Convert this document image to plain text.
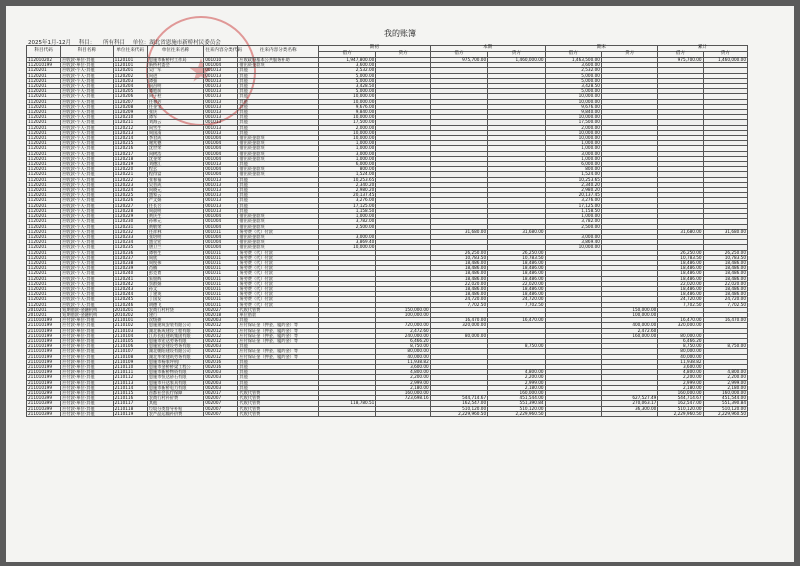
我的账簿
2025年1月-12月 科目： 所有科目 单位：湖北省恩施市新桥村民委员会
科目代码	科目名称	单位往来代码	单位往来名称	往来内容分类代码	往来内容分类名称	期初		本期		期末		累计	
						借方	贷方	借方	贷方	借方	贷方	借方	贷方
112010202	应收款-单位-其他	1120101	恩施市新桥村工作局	001010	应收政府基本公共服务补助	1,947,800.00		975,700.00	1,460,000.00	1,463,500.00		975,700.00	1,460,000.00
112010199	应收款-单位-其他	1120101	新桥村委会	001004	借出资金款项	3,600.00				3,600.00			
1120201	应收款-个人-其他	1120201	吴广军	001013	其他	2,532.00				2,532.00			
1120201	应收款-个人-其他	1120202	向进	001013	其他	5,000.00				5,000.00			
1120201	应收款-个人-其他	1120203	谭强	001013	其他	5,000.00				5,000.00			
1120201	应收款-个人-其他	1120204	向昌明	001013	其他	3,428.50				3,428.50			
1120201	应收款-个人-其他	1120205	谭庭前	001013	其他	5,000.00				5,000.00			
1120201	应收款-个人-其他	1120206	向子柱	001013	其他	10,000.00				10,000.00			
1120201	应收款-个人-其他	1120207	任春芳	001013	其他	10,000.00				10,000.00			
1120201	应收款-个人-其他	1120208	任金宝	001013	其他	9,676.00				9,676.00			
1120201	应收款-个人-其他	1120209	张庆	001013	其他	9,840.00				9,840.00			
1120201	应收款-个人-其他	1120210	谭军	001013	其他	10,000.00				10,000.00			
1120201	应收款-个人-其他	1120211	刘海云	001013	其他	17,500.00				17,500.00			
1120201	应收款-个人-其他	1120212	向雪生	001013	其他	2,000.00				2,000.00			
1120201	应收款-个人-其他	1120213	周国清	001013	其他	10,000.00				10,000.00			
1120201	应收款-个人-其他	1120214	李君成	001004	借出资金款项	10,000.00				10,000.00			
1120201	应收款-个人-其他	1120215	谢兆德	001004	借出资金款项	1,000.00				1,000.00			
1120201	应收款-个人-其他	1120216	沈世荣	001004	借出资金款项	1,000.00				1,000.00			
1120201	应收款-个人-其他	1120217	向树浩	001004	借出资金款项	3,000.00				3,000.00			
1120201	应收款-个人-其他	1120218	沈金荣	001004	借出资金款项	1,000.00				1,000.00			
1120201	应收款-个人-其他	1120219	刘德江	001013	其他	6,000.00				6,000.00			
1120201	应收款-个人-其他	1120220	程玄	001004	借出资金款项	800.00				800.00			
1120201	应收款-个人-其他	1120221	程得富	001004	借出资金款项	1,524.00				1,524.00			
1120201	应收款-个人-其他	1120222	张春福	001013	其他	10,253.65				10,253.65			
1120201	应收款-个人-其他	1120223	吴晋成	001013	其他	2,340.20				2,340.20			
1120201	应收款-个人-其他	1120224	向晓元	001013	其他	2,980.20				2,980.20			
1120201	应收款-个人-其他	1120225	盛家云	001013	其他	20,137.45				20,137.45			
1120201	应收款-个人-其他	1120226	严文娟	001013	其他	3,276.00				3,276.00			
1120201	应收款-个人-其他	1120227	任长合	001013	其他	17,125.00				17,125.00			
1120201	应收款-个人-其他	1120228	周晨明	001013	其他	1,158.50				1,158.50			
1120201	应收款-个人-其他	1120229	黄庆生	001004	借出资金款项	1,000.00				1,000.00			
1120201	应收款-个人-其他	1120230	孙林元	001004	借出资金款项	3,782.00				3,782.00			
1120201	应收款-个人-其他	1120231	黄敬荣	001004	借出资金款项	2,500.00				2,500.00			
1120201	应收款-个人-其他	1120232	任祥林	001011	务劳费（代）付款			31,680.00	31,680.00			31,680.00	31,680.00
1120201	应收款-个人-其他	1120233	张培明	001004	借出资金款项	3,000.00				3,000.00			
1120201	应收款-个人-其他	1120234	盛全宏	001004	借出资金款项	3,869.40				3,869.40			
1120201	应收款-个人-其他	1120235	唐卫兰	001004	借出资金款项	10,000.00				10,000.00			
1120201	应收款-个人-其他	1120236	谭智生	001011	务劳费（代）付款			26,250.00	26,250.00			26,250.00	26,250.00
1120201	应收款-个人-其他	1120237	周欣	001011	务劳费（代）付款			10,783.50	10,783.50			10,783.50	10,783.50
1120201	应收款-个人-其他	1120238	周锐伟	001011	务劳费（代）付款			18,486.00	18,486.00			18,486.00	18,486.00
1120201	应收款-个人-其他	1120239	肖楠	001011	务劳费（代）付款			18,486.00	18,486.00			18,486.00	18,486.00
1120201	应收款-个人-其他	1120240	彭克育	001011	务劳费（代）付款			18,486.00	18,486.00			18,486.00	18,486.00
1120201	应收款-个人-其他	1120241	朱银辉	001011	务劳费（代）付款			18,486.00	18,486.00			18,486.00	18,486.00
1120201	应收款-个人-其他	1120242	蔡群娟	001011	务劳费（代）付款			22,020.00	22,020.00			22,020.00	22,020.00
1120201	应收款-个人-其他	1120243	孙文	001011	务劳费（代）付款			18,486.00	18,486.00			18,486.00	18,486.00
1120201	应收款-个人-其他	1120244	丁建英	001011	务劳费（代）付款			18,486.00	18,486.00			18,486.00	18,486.00
1120201	应收款-个人-其他	1120245	丁国友	001011	务劳费（代）付款			24,720.00	24,720.00			24,720.00	24,720.00
1120201	应收款-个人-其他	1120246	胡德飞	001011	务劳费（代）付款			7,702.50	7,702.50			7,702.50	7,702.50
2010201	短期借款-金融机构	2010201	农商行村村贷	002027	代收代管费		150,000.00				150,000.00		
2010201	短期借款-金融机构	2010202	建行	002018	单位借款		100,000.00				100,000.00		
211010199	应付款-单位-其他	2110101	次级债	002003	其他			16,470.00	16,470.00			16,470.00	16,470.00
211010199	应付款-单位-其他	2110102	恩施建筑安装有限公司	002012	应付保证金（押金、履约金）等		720,000.00	320,000.00			400,000.00	320,000.00	
211010199	应付款-单位-其他	2110103	湖北新成建设工程有限	002012	应付保证金（押金、履约金）等		2,472.60				2,472.60		
211010199	应付款-单位-其他	2110104	江苏长虹建筑集团有限	002012	应付保证金（押金、履约金）等		240,000.00	80,000.00			160,000.00	80,000.00	
211010199	应付款-单位-其他	2110105	恩施市宏达劳务有限	002012	应付保证金（押金、履约金）等		6,466.20					6,466.20	
211010199	应付款-单位-其他	2110106	恩施宏安建设劳务有限	002003	其他		8,750.00		8,750.00			8,750.00	8,750.00
211010199	应付款-单位-其他	2110107	湖北朝阳建设有限公司	002012	应付保证金（押金、履约金）等		80,000.00					80,000.00	
211010199	应付款-单位-其他	2110108	湖北华荣建筑劳务有限	002012	应付保证金（押金、履约金）等		40,000.00					40,000.00	
211010199	应付款-单位-其他	2110109	恩施市杨家坪机厂	002016	其他		11,938.82					11,938.82	
211010199	应付款-单位-其他	2110110	恩施市金桥桥梁工程公	002016	其他		3,600.00					3,600.00	
211010199	应付款-单位-其他	2110111	恩施市新桥物资有限	002003	其他		4,800.00		4,800.00			4,800.00	4,800.00
211010199	应付款-单位-其他	2110112	恩施市恒达砂石有限	002003	其他		2,200.00		2,200.00			2,200.00	2,200.00
211010199	应付款-单位-其他	2110113	恩施市开达家具有限	002003	其他		2,999.00		2,999.00			2,999.00	2,999.00
211010199	应付款-单位-其他	2110114	恩施市新桥电力有限	002003	其他		2,180.00		2,180.00			2,180.00	2,180.00
211010299	应付款-单位-其他	2110115	首都社会医疗保障	002017	代收代管费		160,000.00		160,000.00			160,000.00	160,000.00
211010399	应付款-单位-其他	2110116	农商行村补价费	002007	代收代管费		723,698.16	544,714.67	451,544.00		627,527.49	544,714.67	451,544.00
211010399	应付款-单位-其他	2110117	其他	002007	代收代管费	118,780.51		162,547.00	551,390.84		270,063.17	162,547.00	551,390.84
211010399	应付款-单位-其他	2110118	垃圾分类督导补贴	002007	代收代管费			510,120.00	510,120.00		36,300.00	510,120.00	510,120.00
211010399	应付款-单位-其他	2110119	农产品运输补价费	002007	代收代管费			2,229,960.50	2,229,960.50			2,229,960.50	2,229,960.50
